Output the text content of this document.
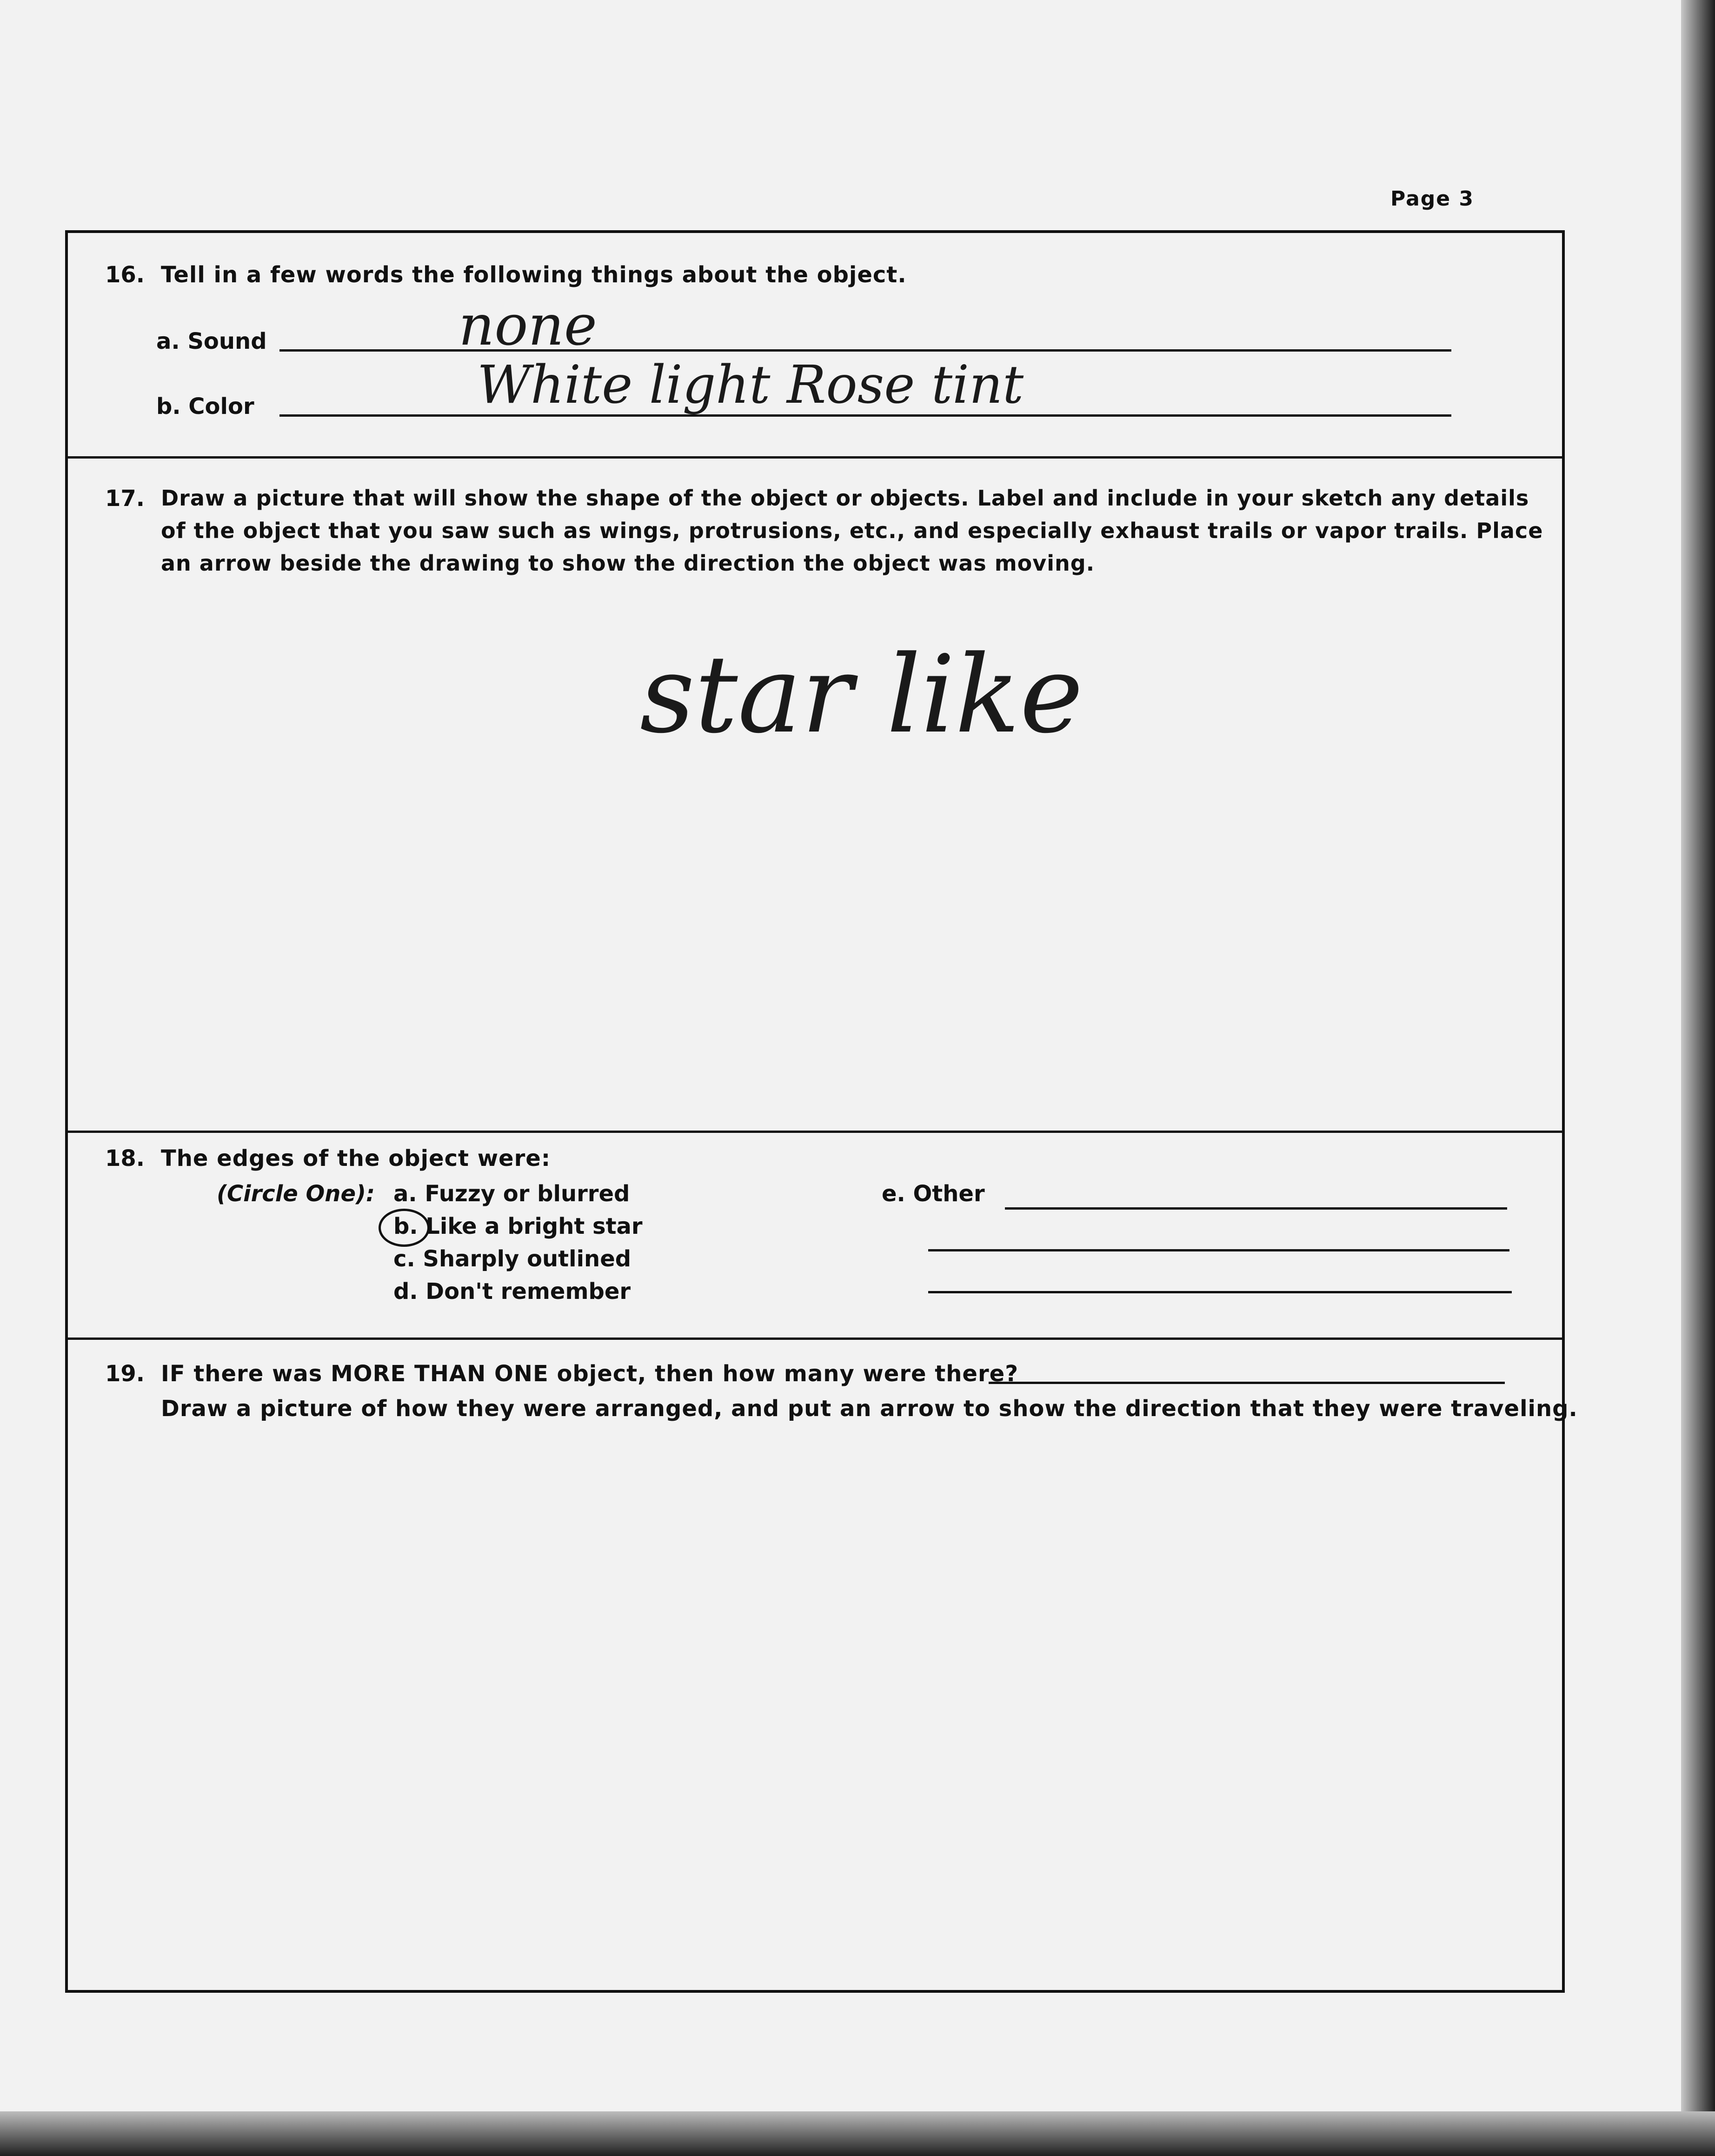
Page 3
16. Tell in a few words the following things about the object.
a. Sound	none
b. Color	White light Rose tint
17. Draw a picture that will show the shape of the object or objects. Label and include in your sketch any details
of the object that you saw such as wings, protrusions, etc., and especially exhaust trails or vapor trails. Place
an arrow beside the drawing to show the direction the object was moving.
star like
18. The edges of the object were:
(Circle One): a. Fuzzy or blurred
b. Like a bright star
c. Sharply outlined
d. Don't remember
e. Other
19. IF there was MORE THAN ONE object, then how many were there?
Draw a picture of how they were arranged, and put an arrow to show the direction that they were traveling.
